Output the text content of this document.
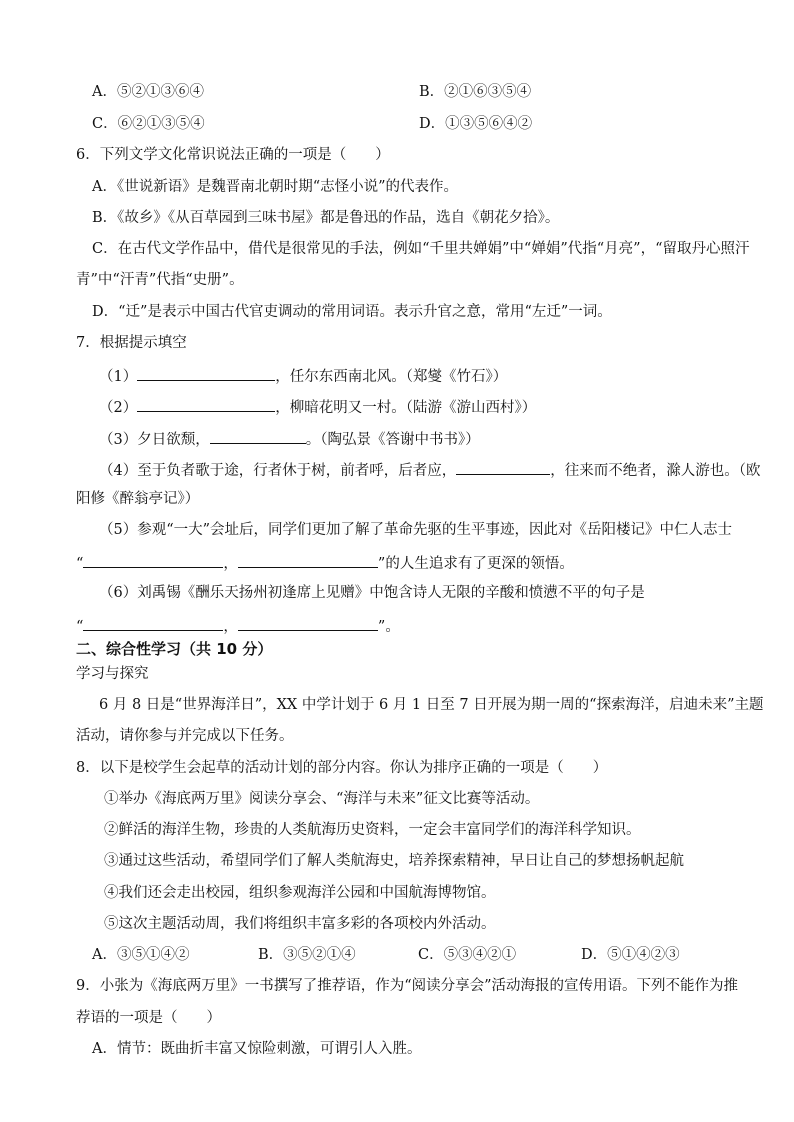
A．⑤②①③⑥④	B．②①⑥③⑤④
C．⑥②①③⑤④	D．①③⑤⑥④②
6．下列文学文化常识说法正确的一项是（　　）
A．《世说新语》是魏晋南北朝时期“志怪小说”的代表作。
B．《故乡》《从百草园到三味书屋》都是鲁迅的作品，选自《朝花夕拾》。
C．在古代文学作品中，借代是很常见的手法，例如“千里共婵娟”中“婵娟”代指“月亮”，“留取丹心照汗
青”中“汗青”代指“史册”。
D．“迁”是表示中国古代官吏调动的常用词语。表示升官之意，常用“左迁”一词。
7．根据提示填空
（1）	，任尔东西南北风。（郑燮《竹石》）
（2）	，柳暗花明又一村。（陆游《游山西村》）
（3）夕日欲颓，	。（陶弘景《答谢中书书》）
（4）至于负者歌于途，行者休于树，前者呼，后者应，	，往来而不绝者，滁人游也。（欧
阳修《醉翁亭记》）
（5）参观“一大”会址后，同学们更加了解了革命先驱的生平事迹，因此对《岳阳楼记》中仁人志士
“	，	”的人生追求有了更深的领悟。
（6）刘禹锡《酬乐天扬州初逢席上见赠》中饱含诗人无限的辛酸和愤懑不平的句子是
“	，	”。
二、综合性学习（共 10 分）
学习与探究
6 月 8 日是“世界海洋日”，XX 中学计划于 6 月 1 日至 7 日开展为期一周的“探索海洋，启迪未来”主题
活动，请你参与并完成以下任务。
8．以下是校学生会起草的活动计划的部分内容。你认为排序正确的一项是（　　）
①举办《海底两万里》阅读分享会、“海洋与未来”征文比赛等活动。
②鲜活的海洋生物，珍贵的人类航海历史资料，一定会丰富同学们的海洋科学知识。
③通过这些活动，希望同学们了解人类航海史，培养探索精神，早日让自己的梦想扬帆起航
④我们还会走出校园，组织参观海洋公园和中国航海博物馆。
⑤这次主题活动周，我们将组织丰富多彩的各项校内外活动。
A．③⑤①④②	B．③⑤②①④	C．⑤③④②①	D．⑤①④②③
9．小张为《海底两万里》一书撰写了推荐语，作为“阅读分享会”活动海报的宣传用语。下列不能作为推
荐语的一项是（　　）
A．情节：既曲折丰富又惊险刺激，可谓引人入胜。
